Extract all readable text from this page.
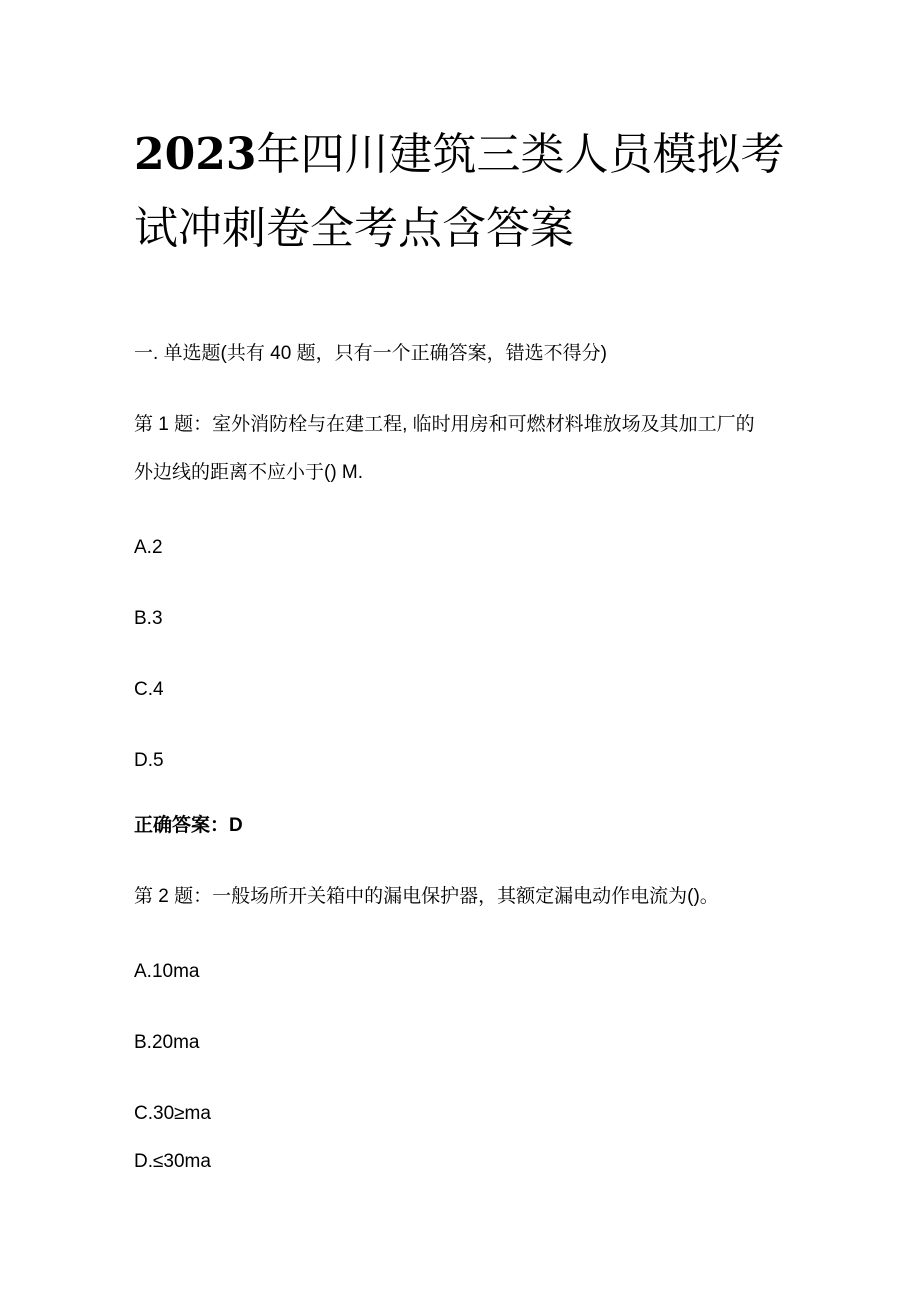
2023年四川建筑三类人员模拟考
试冲刺卷全考点含答案
一. 单选题(共有 40 题，只有一个正确答案，错选不得分)
第 1 题：室外消防栓与在建工程, 临时用房和可燃材料堆放场及其加工厂的
外边线的距离不应小于() M.
A.2
B.3
C.4
D.5
正确答案：D
第 2 题：一般场所开关箱中的漏电保护器，其额定漏电动作电流为()。
A.10ma
B.20ma
C.30≥ma
D.≤30ma
